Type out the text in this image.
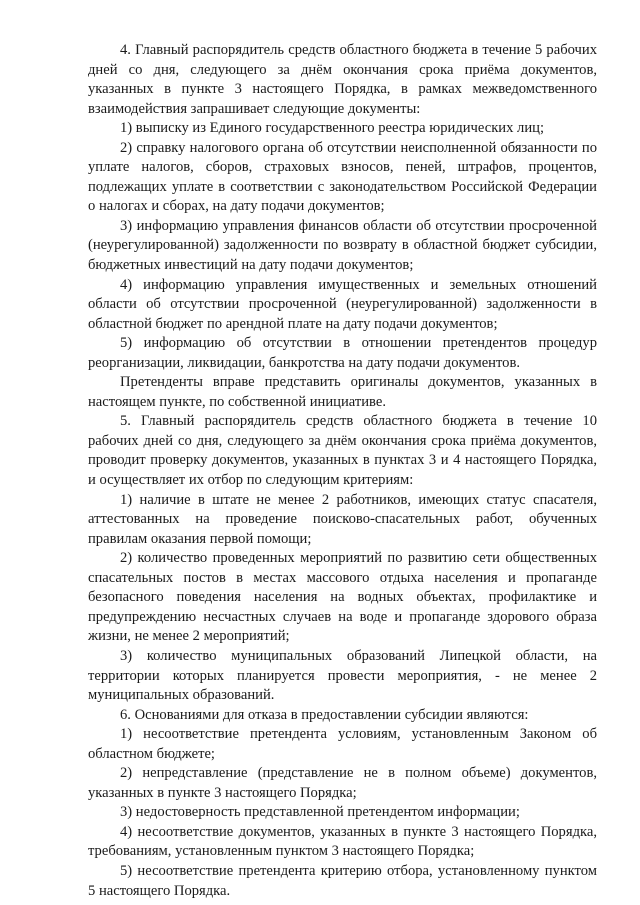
4. Главный распорядитель средств областного бюджета в течение 5 рабочих дней со дня, следующего за днём окончания срока приёма документов, указанных в пункте 3 настоящего Порядка, в рамках межведомственного взаимодействия запрашивает следующие документы:

1) выписку из Единого государственного реестра юридических лиц;

2) справку налогового органа об отсутствии неисполненной обязанности по уплате налогов, сборов, страховых взносов, пеней, штрафов, процентов, подлежащих уплате в соответствии с законодательством Российской Федерации о налогах и сборах, на дату подачи документов;

3) информацию управления финансов области об отсутствии просроченной (неурегулированной) задолженности по возврату в областной бюджет субсидии, бюджетных инвестиций на дату подачи документов;

4) информацию управления имущественных и земельных отношений области об отсутствии просроченной (неурегулированной) задолженности в областной бюджет по арендной плате на дату подачи документов;

5) информацию об отсутствии в отношении претендентов процедур реорганизации, ликвидации, банкротства на дату подачи документов.

Претенденты вправе представить оригиналы документов, указанных в настоящем пункте, по собственной инициативе.

5. Главный распорядитель средств областного бюджета в течение 10 рабочих дней со дня, следующего за днём окончания срока приёма документов, проводит проверку документов, указанных в пунктах 3 и 4 настоящего Порядка, и осуществляет их отбор по следующим критериям:

1) наличие в штате не менее 2 работников, имеющих статус спасателя, аттестованных на проведение поисково-спасательных работ, обученных правилам оказания первой помощи;

2) количество проведенных мероприятий по развитию сети общественных спасательных постов в местах массового отдыха населения и пропаганде безопасного поведения населения на водных объектах, профилактике и предупреждению несчастных случаев на воде и пропаганде здорового образа жизни, не менее 2 мероприятий;

3) количество муниципальных образований Липецкой области, на территории которых планируется провести мероприятия, - не менее 2 муниципальных образований.

6. Основаниями для отказа в предоставлении субсидии являются:

1) несоответствие претендента условиям, установленным Законом об областном бюджете;

2) непредставление (представление не в полном объеме) документов, указанных в пункте 3 настоящего Порядка;

3) недостоверность представленной претендентом информации;

4) несоответствие документов, указанных в пункте 3 настоящего Порядка, требованиям, установленным пунктом 3 настоящего Порядка;

5) несоответствие претендента критерию отбора, установленному пунктом 5 настоящего Порядка.
